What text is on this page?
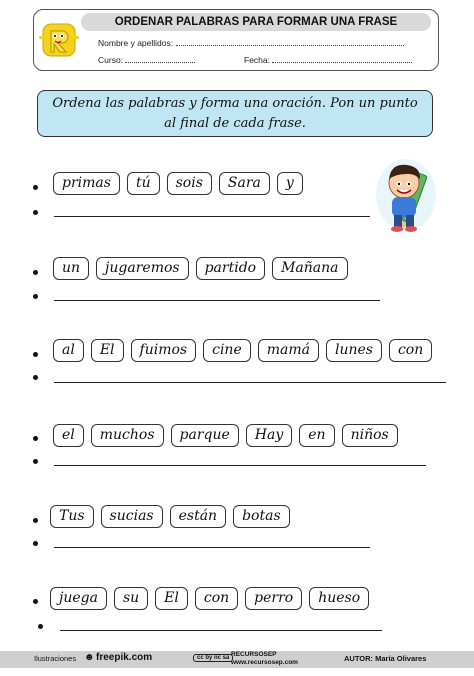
ORDENAR PALABRAS PARA FORMAR UNA FRASE
Nombre y apellidos:
Curso:	Fecha:
Ordena las palabras y forma una oración. Pon un punto
al final de cada frase.
primas	tú	sois	Sara	y
un	jugaremos	partido	Mañana
al	El	fuimos	cine	mamá	lunes	con
el	muchos	parque	Hay	en	niños
Tus	sucias	están	botas
juega	su	El	con	perro	hueso
Ilustraciones ☻ freepik.com	cc by nc sa RECURSOSEP
www.recursosep.com	AUTOR: María Olivares
